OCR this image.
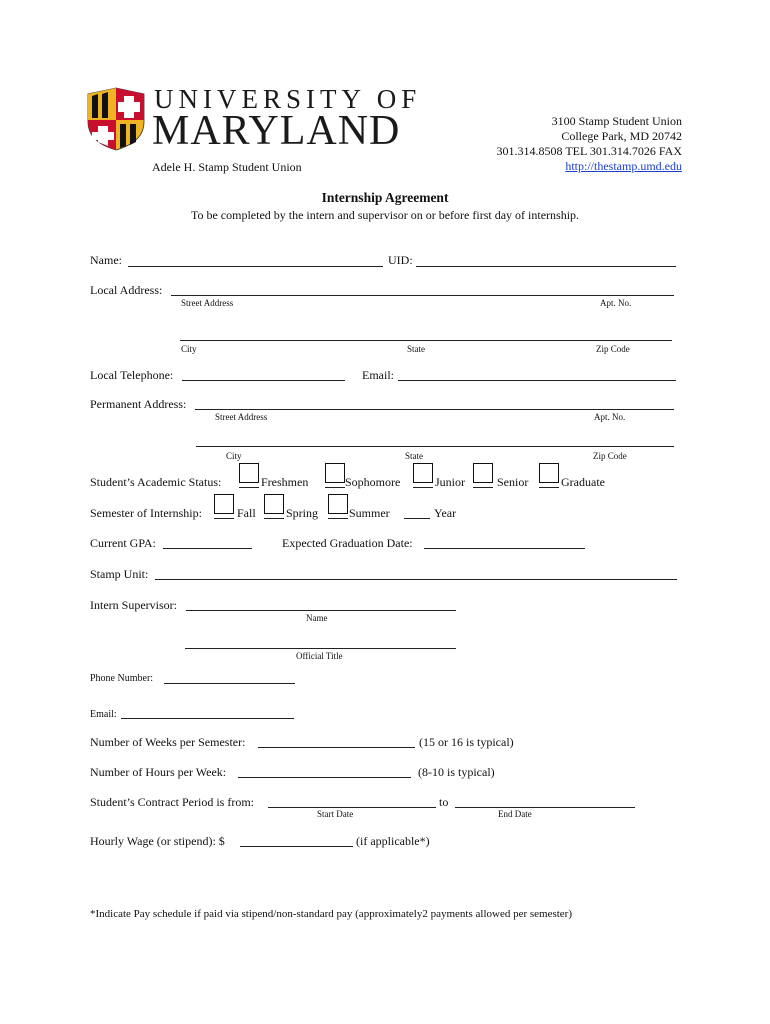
UNIVERSITY OF
MARYLAND
Adele H. Stamp Student Union
3100 Stamp Student Union
College Park, MD 20742
301.314.8508 TEL 301.314.7026 FAX
http://thestamp.umd.edu
Internship Agreement
To be completed by the intern and supervisor on or before first day of internship.
Name:	UID:
Local Address:
Street Address	Apt. No.
City	State	Zip Code
Local Telephone:	Email:
Permanent Address:
Street Address	Apt. No.
City	State	Zip Code
Student’s Academic Status:	Freshmen	Sophomore	Junior	Senior	Graduate
Semester of Internship:	Fall	Spring	Summer	Year
Current GPA:	Expected Graduation Date:
Stamp Unit:
Intern Supervisor:
Name
Official Title
Phone Number:
Email:
Number of Weeks per Semester:	(15 or 16 is typical)
Number of Hours per Week:	(8-10 is typical)
Student’s Contract Period is from:	to
Start Date	End Date
Hourly Wage (or stipend): $	(if applicable*)
*Indicate Pay schedule if paid via stipend/non-standard pay (approximately2 payments allowed per semester)
